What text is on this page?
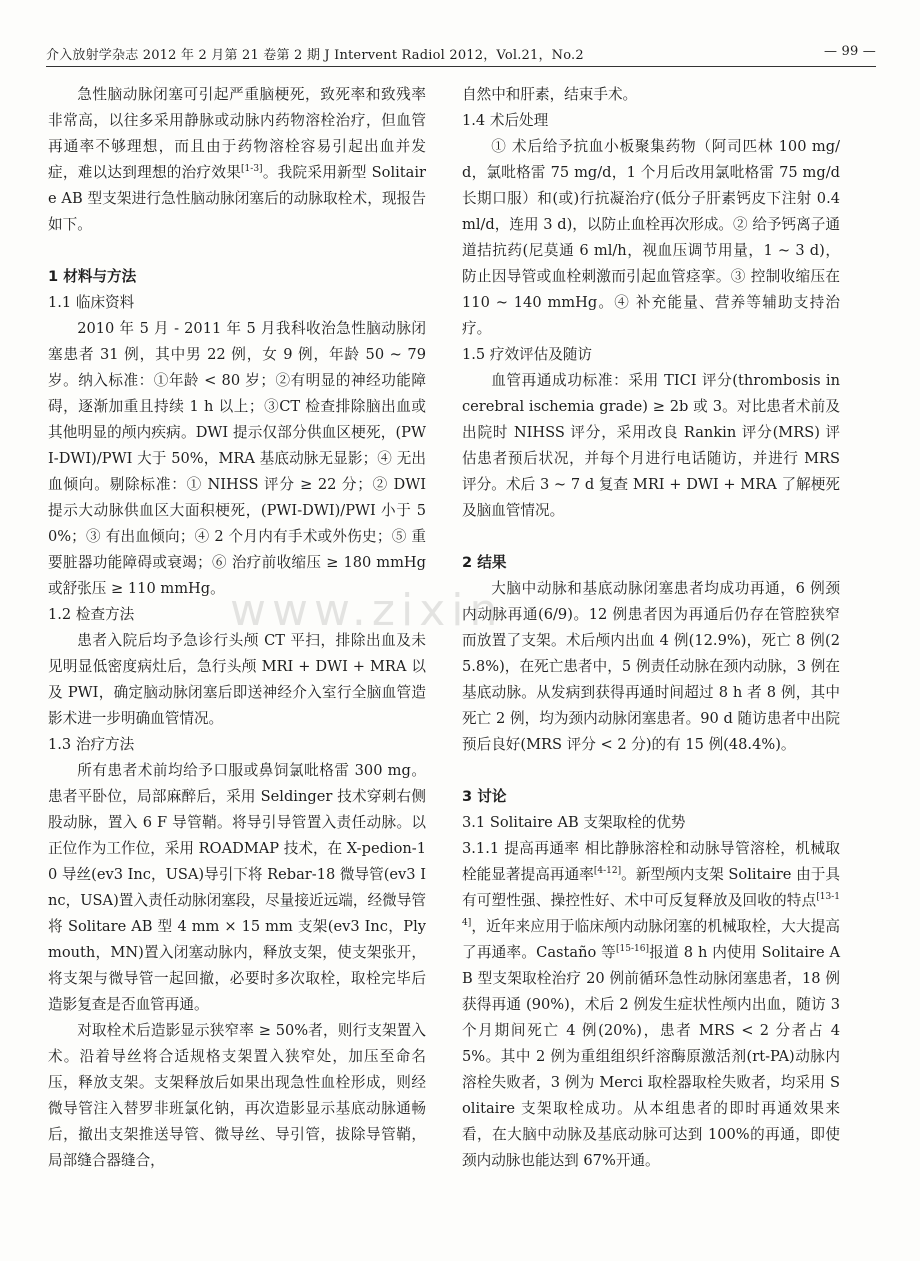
介入放射学杂志 2012 年 2 月第 21 卷第 2 期 J Intervent Radiol 2012，Vol.21，No.2	— 99 —
www.zixin

急性脑动脉闭塞可引起严重脑梗死，致死率和致残率非常高，以往多采用静脉或动脉内药物溶栓治疗，但血管再通率不够理想，而且由于药物溶栓容易引起出血并发症，难以达到理想的治疗效果[1-3]。我院采用新型 Solitaire AB 型支架进行急性脑动脉闭塞后的动脉取栓术，现报告如下。

1 材料与方法
1.1 临床资料

2010 年 5 月 - 2011 年 5 月我科收治急性脑动脉闭塞患者 31 例，其中男 22 例，女 9 例，年龄 50 ~ 79 岁。纳入标准：①年龄 < 80 岁；②有明显的神经功能障碍，逐渐加重且持续 1 h 以上；③CT 检查排除脑出血或其他明显的颅内疾病。DWI 提示仅部分供血区梗死，(PWI-DWI)/PWI 大于 50%，MRA 基底动脉无显影；④ 无出血倾向。剔除标准：① NIHSS 评分 ≥ 22 分；② DWI 提示大动脉供血区大面积梗死，(PWI-DWI)/PWI 小于 50%；③ 有出血倾向；④ 2 个月内有手术或外伤史；⑤ 重要脏器功能障碍或衰竭；⑥ 治疗前收缩压 ≥ 180 mmHg 或舒张压 ≥ 110 mmHg。

1.2 检查方法

患者入院后均予急诊行头颅 CT 平扫，排除出血及未见明显低密度病灶后，急行头颅 MRI + DWI + MRA 以及 PWI，确定脑动脉闭塞后即送神经介入室行全脑血管造影术进一步明确血管情况。

1.3 治疗方法

所有患者术前均给予口服或鼻饲氯吡格雷 300 mg。患者平卧位，局部麻醉后，采用 Seldinger 技术穿刺右侧股动脉，置入 6 F 导管鞘。将导引导管置入责任动脉。以正位作为工作位，采用 ROADMAP 技术，在 X-pedion-10 导丝(ev3 Inc，USA)导引下将 Rebar-18 微导管(ev3 Inc，USA)置入责任动脉闭塞段，尽量接近远端，经微导管将 Solitare AB 型 4 mm × 15 mm 支架(ev3 Inc，Plymouth，MN)置入闭塞动脉内，释放支架，使支架张开，将支架与微导管一起回撤，必要时多次取栓，取栓完毕后造影复查是否血管再通。

对取栓术后造影显示狭窄率 ≥ 50%者，则行支架置入术。沿着导丝将合适规格支架置入狭窄处，加压至命名压，释放支架。支架释放后如果出现急性血栓形成，则经微导管注入替罗非班氯化钠，再次造影显示基底动脉通畅后，撤出支架推送导管、微导丝、导引管，拔除导管鞘，局部缝合器缝合，

自然中和肝素，结束手术。

1.4 术后处理

① 术后给予抗血小板聚集药物（阿司匹林 100 mg/d，氯吡格雷 75 mg/d，1 个月后改用氯吡格雷 75 mg/d 长期口服）和(或)行抗凝治疗(低分子肝素钙皮下注射 0.4 ml/d，连用 3 d)，以防止血栓再次形成。② 给予钙离子通道拮抗药(尼莫通 6 ml/h，视血压调节用量，1 ~ 3 d)，防止因导管或血栓刺激而引起血管痉挛。③ 控制收缩压在 110 ~ 140 mmHg。④ 补充能量、营养等辅助支持治疗。

1.5 疗效评估及随访

血管再通成功标准：采用 TICI 评分(thrombosis in cerebral ischemia grade) ≥ 2b 或 3。对比患者术前及出院时 NIHSS 评分，采用改良 Rankin 评分(MRS) 评估患者预后状况，并每个月进行电话随访，并进行 MRS 评分。术后 3 ~ 7 d 复查 MRI + DWI + MRA 了解梗死及脑血管情况。

2 结果

大脑中动脉和基底动脉闭塞患者均成功再通，6 例颈内动脉再通(6/9)。12 例患者因为再通后仍存在管腔狭窄而放置了支架。术后颅内出血 4 例(12.9%)，死亡 8 例(25.8%)，在死亡患者中，5 例责任动脉在颈内动脉，3 例在基底动脉。从发病到获得再通时间超过 8 h 者 8 例，其中死亡 2 例，均为颈内动脉闭塞患者。90 d 随访患者中出院预后良好(MRS 评分 < 2 分)的有 15 例(48.4%)。

3 讨论
3.1 Solitaire AB 支架取栓的优势

3.1.1 提高再通率 相比静脉溶栓和动脉导管溶栓，机械取栓能显著提高再通率[4-12]。新型颅内支架 Solitaire 由于具有可塑性强、操控性好、术中可反复释放及回收的特点[13-14]，近年来应用于临床颅内动脉闭塞的机械取栓，大大提高了再通率。Castaño 等[15-16]报道 8 h 内使用 Solitaire AB 型支架取栓治疗 20 例前循环急性动脉闭塞患者，18 例获得再通 (90%)，术后 2 例发生症状性颅内出血，随访 3 个月期间死亡 4 例(20%)，患者 MRS < 2 分者占 45%。其中 2 例为重组组织纤溶酶原激活剂(rt-PA)动脉内溶栓失败者，3 例为 Merci 取栓器取栓失败者，均采用 Solitaire 支架取栓成功。从本组患者的即时再通效果来看，在大脑中动脉及基底动脉可达到 100%的再通，即使颈内动脉也能达到 67%开通。
